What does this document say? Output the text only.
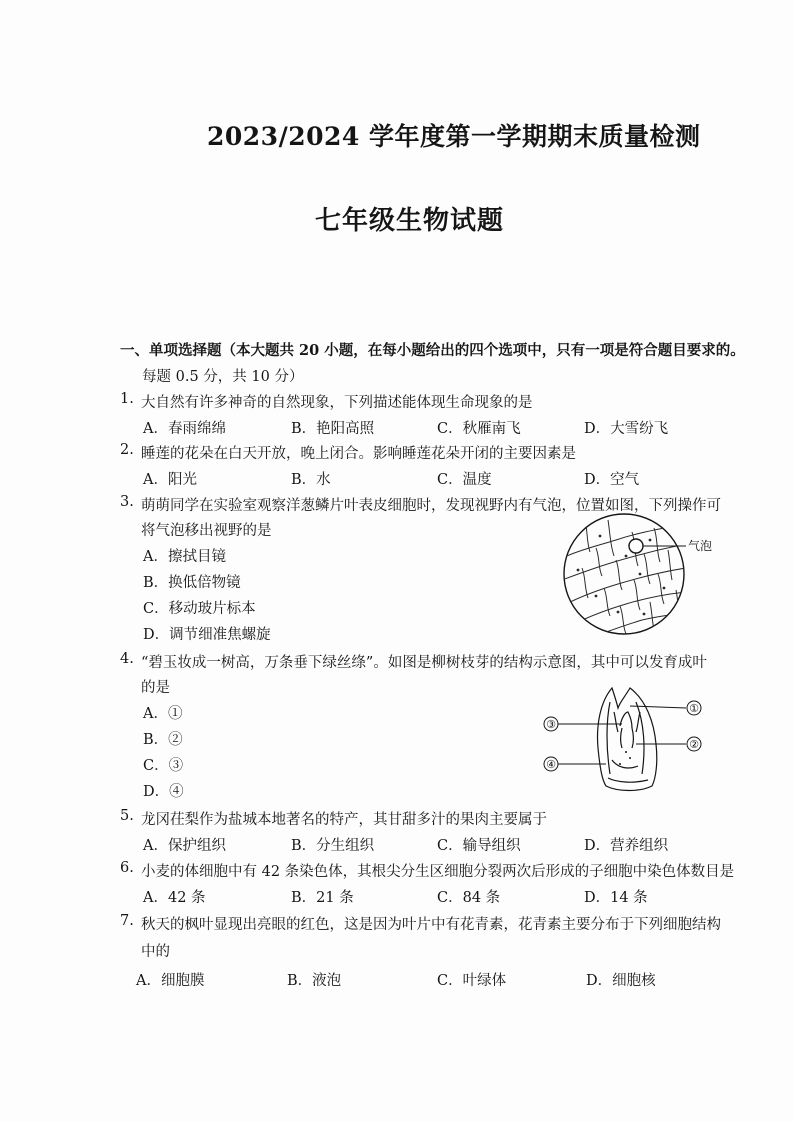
2023/2024 学年度第一学期期末质量检测
七年级生物试题
一、单项选择题（本大题共 20 小题，在每小题给出的四个选项中，只有一项是符合题目要求的。
每题 0.5 分，共 10 分）
1. 大自然有许多神奇的自然现象，下列描述能体现生命现象的是
A．春雨绵绵	B．艳阳高照	C．秋雁南飞	D．大雪纷飞
2. 睡莲的花朵在白天开放，晚上闭合。影响睡莲花朵开闭的主要因素是
A．阳光	B．水	C．温度	D．空气
3. 萌萌同学在实验室观察洋葱鳞片叶表皮细胞时，发现视野内有气泡，位置如图，下列操作可
将气泡移出视野的是
A．擦拭目镜
B．换低倍物镜
C．移动玻片标本
D．调节细准焦螺旋
气泡
4. “碧玉妆成一树高，万条垂下绿丝绦”。如图是柳树枝芽的结构示意图，其中可以发育成叶
的是
A．①
B．②
C．③
D．④
①
②
③
④
5. 龙冈茌梨作为盐城本地著名的特产，其甘甜多汁的果肉主要属于
A．保护组织	B．分生组织	C．输导组织	D．营养组织
6. 小麦的体细胞中有 42 条染色体，其根尖分生区细胞分裂两次后形成的子细胞中染色体数目是
A．42 条	B．21 条	C．84 条	D．14 条
7. 秋天的枫叶显现出亮眼的红色，这是因为叶片中有花青素，花青素主要分布于下列细胞结构
中的
A．细胞膜	B．液泡	C．叶绿体	D．细胞核
